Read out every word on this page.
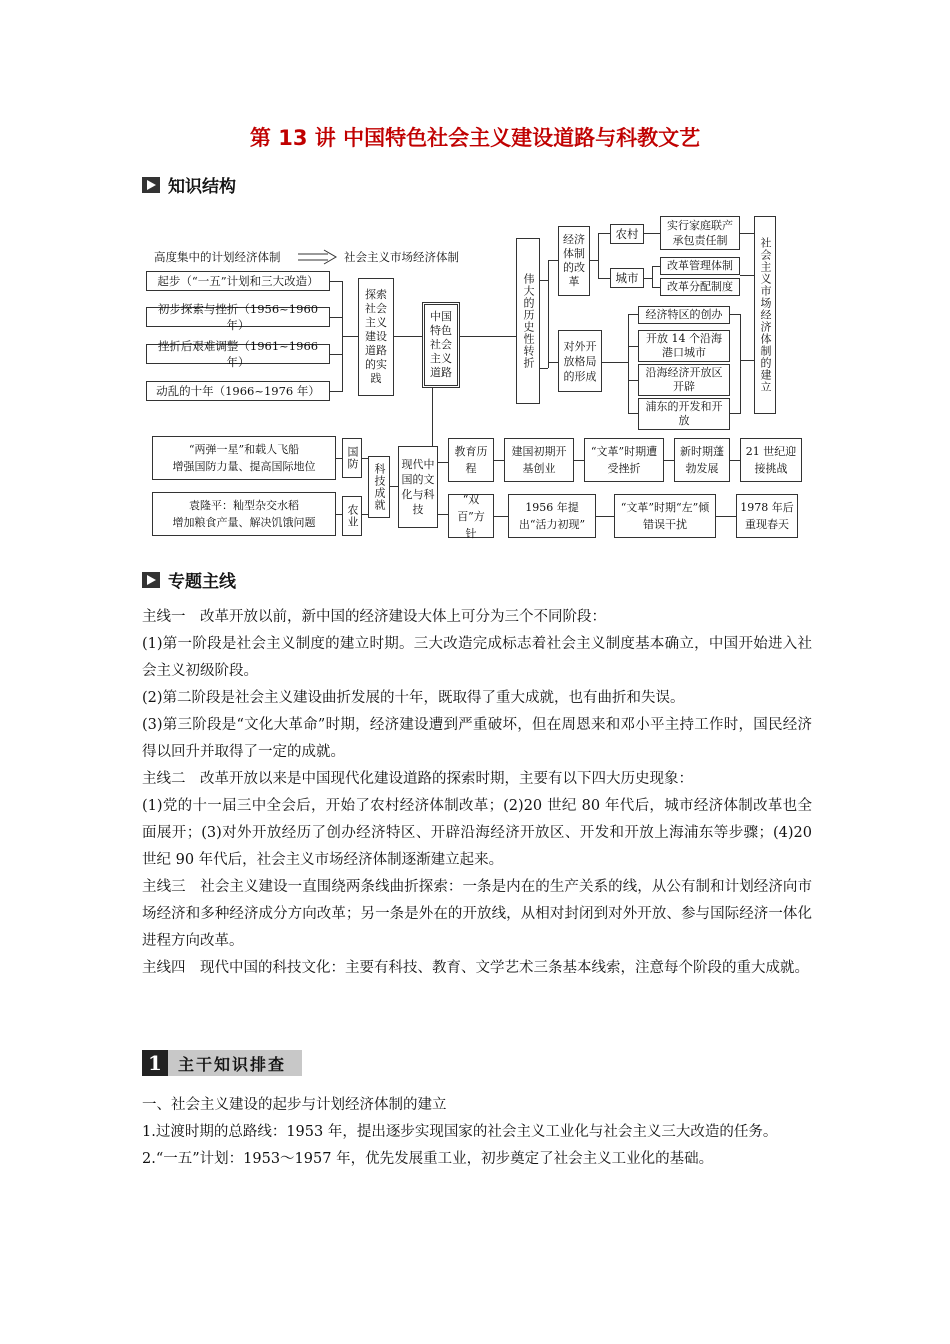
第 13 讲 中国特色社会主义建设道路与科教文艺
知识结构
高度集中的计划经济体制	社会主义市场经济体制
起步（“一五”计划和三大改造）
初步探索与挫折（1956~1960 年）
挫折后艰难调整（1961~1966 年）
动乱的十年（1966~1976 年）
探索社会主义建设道路的实践
中国特色社会主义道路
伟大的历史性转折
经济体制的改革
农村
城市
实行家庭联产承包责任制
改革管理体制
改革分配制度	社会主义市场经济体制的建立
对外开放格局的形成
经济特区的创办
开放 14 个沿海港口城市
沿海经济开放区开辟
浦东的开发和开放
“两弹一星”和载人飞船
增强国防力量、提高国际地位
袁隆平：籼型杂交水稻
增加粮食产量、解决饥饿问题
国防
农业
科技成就	现代中国的文化与科技
教育历程
建国初期开基创业
“文革”时期遭受挫折
新时期蓬勃发展
21 世纪迎接挑战
“双百”方针
1956 年提出“活力初现”
“文革”时期“左”倾错误干扰
1978 年后重现春天
专题主线

主线一　改革开放以前，新中国的经济建设大体上可分为三个不同阶段：

(1)第一阶段是社会主义制度的建立时期。三大改造完成标志着社会主义制度基本确立，中国开始进入社会主义初级阶段。

(2)第二阶段是社会主义建设曲折发展的十年，既取得了重大成就，也有曲折和失误。

(3)第三阶段是“文化大革命”时期，经济建设遭到严重破坏，但在周恩来和邓小平主持工作时，国民经济得以回升并取得了一定的成就。

主线二　改革开放以来是中国现代化建设道路的探索时期，主要有以下四大历史现象：

(1)党的十一届三中全会后，开始了农村经济体制改革；(2)20 世纪 80 年代后，城市经济体制改革也全面展开；(3)对外开放经历了创办经济特区、开辟沿海经济开放区、开发和开放上海浦东等步骤；(4)20 世纪 90 年代后，社会主义市场经济体制逐渐建立起来。

主线三　社会主义建设一直围绕两条线曲折探索：一条是内在的生产关系的线，从公有制和计划经济向市场经济和多种经济成分方向改革；另一条是外在的开放线，从相对封闭到对外开放、参与国际经济一体化进程方向改革。

主线四　现代中国的科技文化：主要有科技、教育、文学艺术三条基本线索，注意每个阶段的重大成就。

1	主干知识排查

一、社会主义建设的起步与计划经济体制的建立

1.过渡时期的总路线：1953 年，提出逐步实现国家的社会主义工业化与社会主义三大改造的任务。

2.“一五”计划：1953～1957 年，优先发展重工业，初步奠定了社会主义工业化的基础。
